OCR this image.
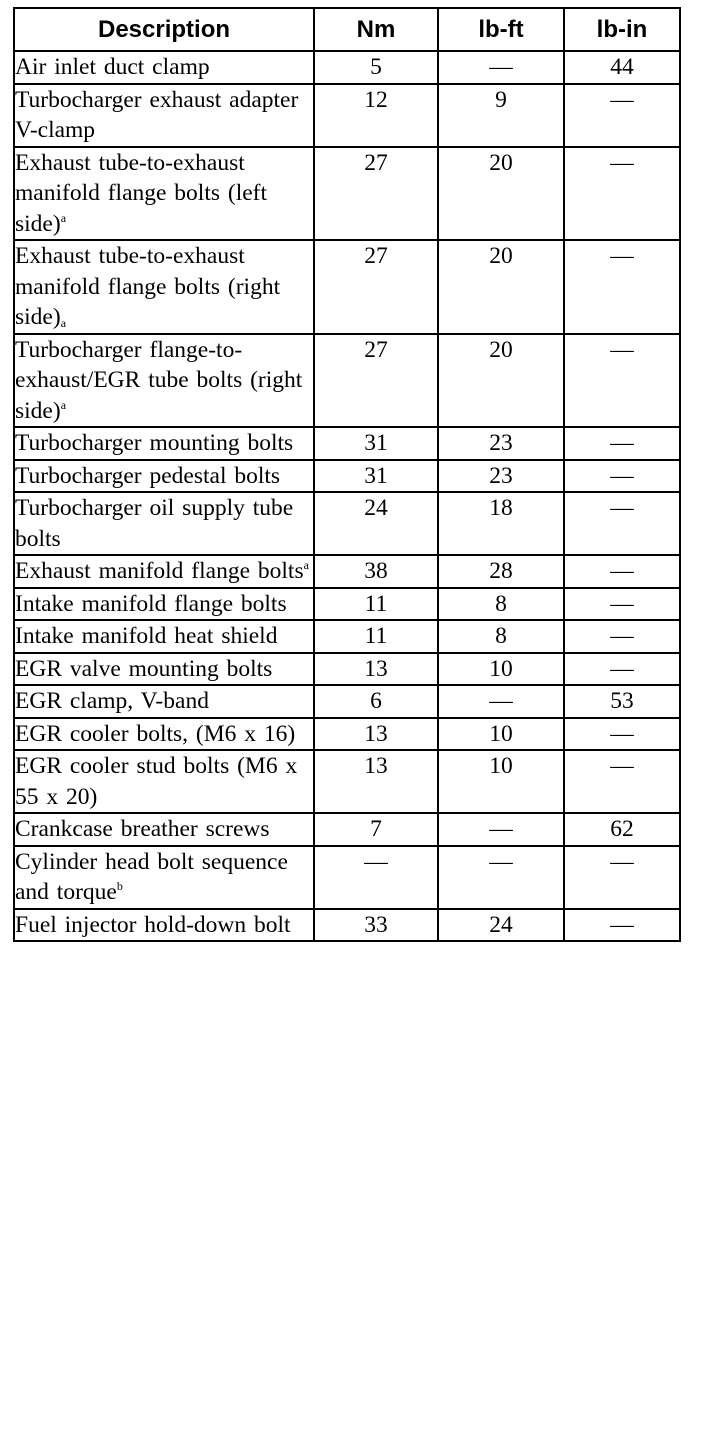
Description	Nm	lb-ft	lb-in
Air inlet duct clamp	5	—	44
Turbocharger exhaust adapter V-clamp	12	9	—
Exhaust tube-to-exhaust manifold flange bolts (left side)$^a$	27	20	—
Exhaust tube-to-exhaust manifold flange bolts (right $side)_a$	27	20	—
Turbocharger flange-to-exhaust/EGR tube bolts (right side)$^a$	27	20	—
Turbocharger mounting bolts	31	23	—
Turbocharger pedestal bolts	31	23	—
Turbocharger oil supply tube bolts	24	18	—
Exhaust manifold flange bolts$^a$	38	28	—
Intake manifold flange bolts	11	8	—
Intake manifold heat shield	11	8	—
EGR valve mounting bolts	13	10	—
EGR clamp, V-band	6	—	53
EGR cooler bolts, (M6 x 16)	13	10	—
EGR cooler stud bolts (M6 x 55 x 20)	13	10	—
Crankcase breather screws	7	—	62
Cylinder head bolt sequence and torque$^b$	—	—	—
Fuel injector hold-down bolt	33	24	—
